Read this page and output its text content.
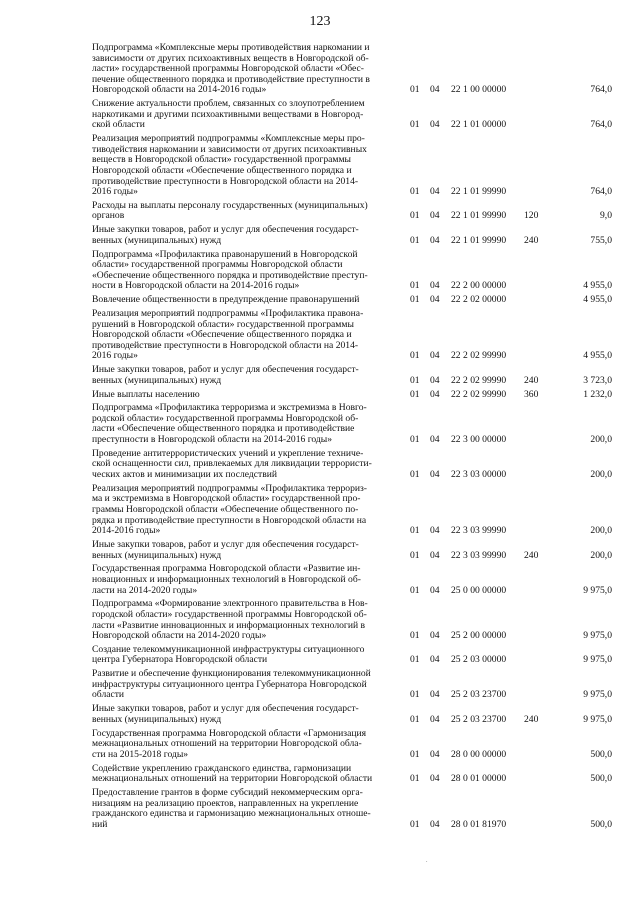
123
Подпрограмма «Комплексные меры противодействия наркомании и
зависимости от других психоактивных веществ в Новгородской об-
ласти» государственной программы Новгородской области «Обес-
печение общественного порядка и противодействие преступности в
Новгородской области на 2014-2016 годы»	01	04	22 1 00 00000	764,0
Снижение актуальности проблем, связанных со злоупотреблением
наркотиками и другими психоактивными веществами в Новгород-
ской области	01	04	22 1 01 00000	764,0
Реализация мероприятий подпрограммы «Комплексные меры про-
тиводействия наркомании и зависимости от других психоактивных
веществ в Новгородской области» государственной программы
Новгородской области «Обеспечение общественного порядка и
противодействие преступности в Новгородской области на 2014-
2016 годы»	01	04	22 1 01 99990	764,0
Расходы на выплаты персоналу государственных (муниципальных)
органов	01	04	22 1 01 99990	120	9,0
Иные закупки товаров, работ и услуг для обеспечения государст-
венных (муниципальных) нужд	01	04	22 1 01 99990	240	755,0
Подпрограмма «Профилактика правонарушений в Новгородской
области» государственной программы Новгородской области
«Обеспечение общественного порядка и противодействие преступ-
ности в Новгородской области на 2014-2016 годы»	01	04	22 2 00 00000	4 955,0
Вовлечение общественности в предупреждение правонарушений	01	04	22 2 02 00000	4 955,0
Реализация мероприятий подпрограммы «Профилактика правона-
рушений в Новгородской области» государственной программы
Новгородской области «Обеспечение общественного порядка и
противодействие преступности в Новгородской области на 2014-
2016 годы»	01	04	22 2 02 99990	4 955,0
Иные закупки товаров, работ и услуг для обеспечения государст-
венных (муниципальных) нужд	01	04	22 2 02 99990	240	3 723,0
Иные выплаты населению	01	04	22 2 02 99990	360	1 232,0
Подпрограмма «Профилактика терроризма и экстремизма в Новго-
родской области» государственной программы Новгородской об-
ласти «Обеспечение общественного порядка и противодействие
преступности в Новгородской области на 2014-2016 годы»	01	04	22 3 00 00000	200,0
Проведение антитеррористических учений и укрепление техниче-
ской оснащенности сил, привлекаемых для ликвидации террористи-
ческих актов и минимизации их последствий	01	04	22 3 03 00000	200,0
Реализация мероприятий подпрограммы «Профилактика террориз-
ма и экстремизма в Новгородской области» государственной про-
граммы Новгородской области «Обеспечение общественного по-
рядка и противодействие преступности в Новгородской области на
2014-2016 годы»	01	04	22 3 03 99990	200,0
Иные закупки товаров, работ и услуг для обеспечения государст-
венных (муниципальных) нужд	01	04	22 3 03 99990	240	200,0
Государственная программа Новгородской области «Развитие ин-
новационных и информационных технологий в Новгородской об-
ласти на 2014-2020 годы»	01	04	25 0 00 00000	9 975,0
Подпрограмма «Формирование электронного правительства в Нов-
городской области» государственной программы Новгородской об-
ласти «Развитие инновационных и информационных технологий в
Новгородской области на 2014-2020 годы»	01	04	25 2 00 00000	9 975,0
Создание телекоммуникационной инфраструктуры ситуационного
центра Губернатора Новгородской области	01	04	25 2 03 00000	9 975,0
Развитие и обеспечение функционирования телекоммуникационной
инфраструктуры ситуационного центра Губернатора Новгородской
области	01	04	25 2 03 23700	9 975,0
Иные закупки товаров, работ и услуг для обеспечения государст-
венных (муниципальных) нужд	01	04	25 2 03 23700	240	9 975,0
Государственная программа Новгородской области «Гармонизация
межнациональных отношений на территории Новгородской обла-
сти на 2015-2018 годы»	01	04	28 0 00 00000	500,0
Содействие укреплению гражданского единства, гармонизации
межнациональных отношений на территории Новгородской области	01	04	28 0 01 00000	500,0
Предоставление грантов в форме субсидий некоммерческим орга-
низациям на реализацию проектов, направленных на укрепление
гражданского единства и гармонизацию межнациональных отноше-
ний	01	04	28 0 01 81970	500,0
.
